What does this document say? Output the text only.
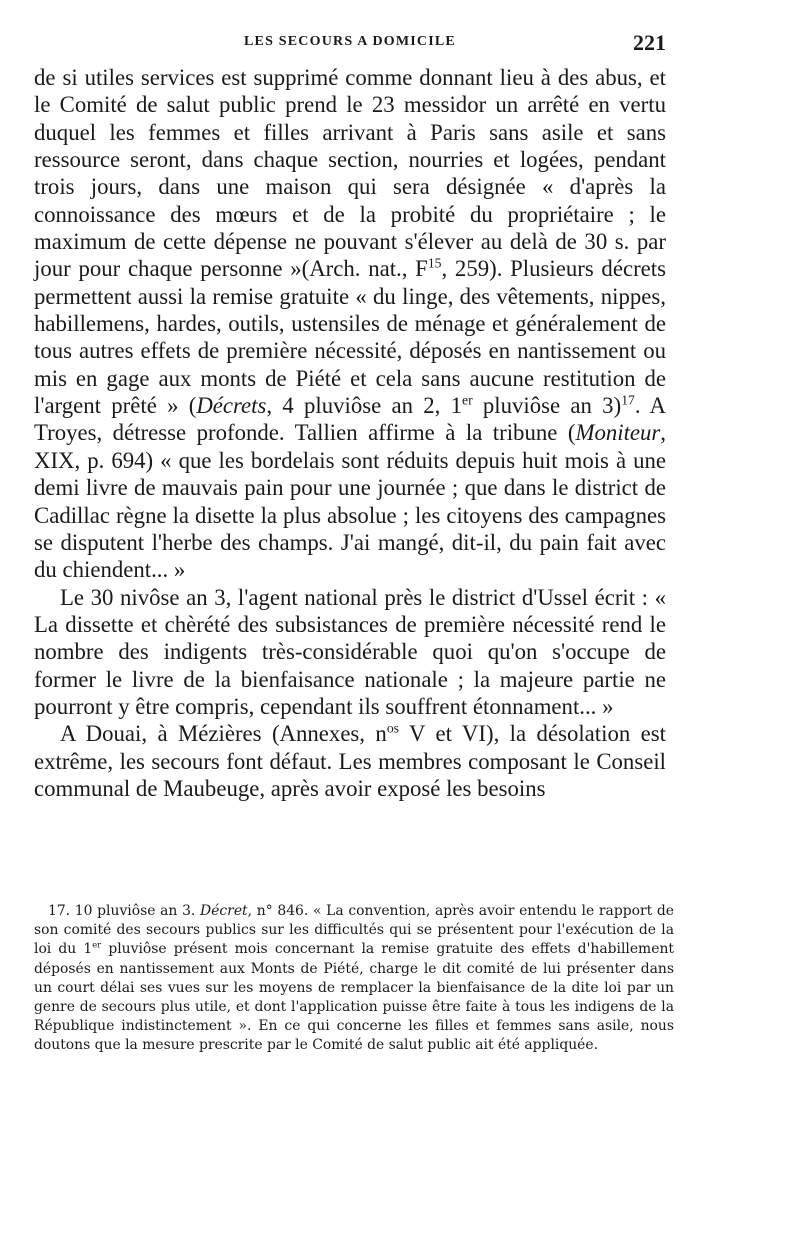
LES SECOURS A DOMICILE	221

de si utiles services est supprimé comme donnant lieu à des abus, et le Comité de salut public prend le 23 messidor un arrêté en vertu duquel les femmes et filles arrivant à Paris sans asile et sans ressource seront, dans chaque section, nourries et logées, pendant trois jours, dans une maison qui sera désignée « d'après la connoissance des mœurs et de la probité du propriétaire ; le maximum de cette dépense ne pouvant s'élever au delà de 30 s. par jour pour chaque personne »(Arch. nat., $F^{15}$, 259). Plusieurs décrets permettent aussi la remise gratuite « du linge, des vêtements, nippes, habillemens, hardes, outils, ustensiles de ménage et généralement de tous autres effets de première nécessité, déposés en nantissement ou mis en gage aux monts de Piété et cela sans aucune restitution de l'argent prêté » (Décrets, 4 pluviôse an 2, 1er pluviôse an 3)$^{17}$. A Troyes, détresse profonde. Tallien affirme à la tribune (Moniteur, XIX, p. 694) « que les bordelais sont réduits depuis huit mois à une demi livre de mauvais pain pour une journée ; que dans le district de Cadillac règne la disette la plus absolue ; les citoyens des campagnes se disputent l'herbe des champs. J'ai mangé, dit-il, du pain fait avec du chiendent... »

Le 30 nivôse an 3, l'agent national près le district d'Ussel écrit : « La dissette et chèrété des subsistances de première nécessité rend le nombre des indigents très-considérable quoi qu'on s'occupe de former le livre de la bienfaisance nationale ; la majeure partie ne pourront y être compris, cependant ils souffrent étonnament... »

A Douai, à Mézières (Annexes, $n^{os}$ V et VI), la désolation est extrême, les secours font défaut. Les membres composant le Conseil communal de Maubeuge, après avoir exposé les besoins

17. 10 pluviôse an 3. Décret, n° 846. « La convention, après avoir entendu le rapport de son comité des secours publics sur les difficultés qui se présentent pour l'exécution de la loi du 1er pluviôse présent mois concernant la remise gratuite des effets d'habillement déposés en nantissement aux Monts de Piété, charge le dit comité de lui présenter dans un court délai ses vues sur les moyens de remplacer la bienfaisance de la dite loi par un genre de secours plus utile, et dont l'application puisse être faite à tous les indigens de la République indistinctement ». En ce qui concerne les filles et femmes sans asile, nous doutons que la mesure prescrite par le Comité de salut public ait été appliquée.
